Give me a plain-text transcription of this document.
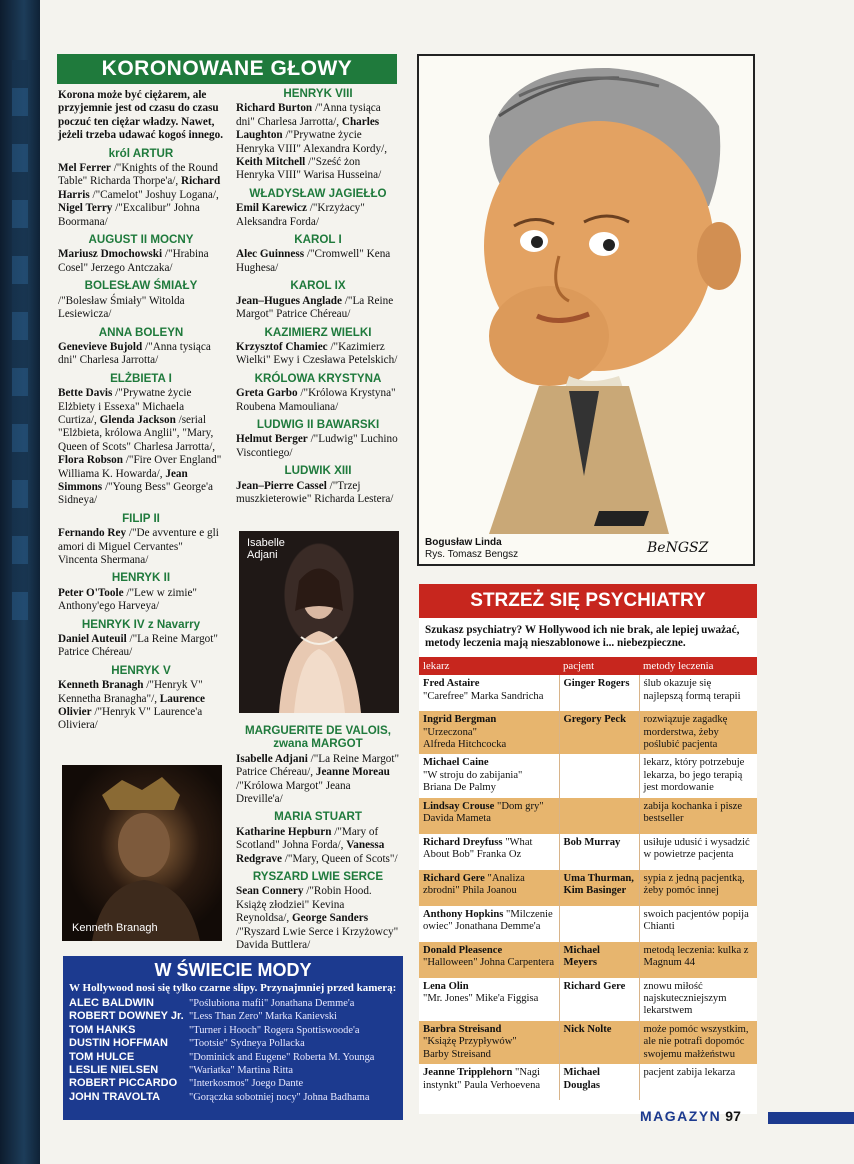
KORONOWANE GŁOWY

Korona może być ciężarem, ale przyjemnie jest od czasu do czasu poczuć ten ciężar władzy. Nawet, jeżeli trzeba udawać kogoś innego.

król ARTUR

Mel Ferrer /"Knights of the Round Table" Richarda Thorpe'a/, Richard Harris /"Camelot" Joshuy Logana/, Nigel Terry /"Excalibur" Johna Boormana/

AUGUST II MOCNY

Mariusz Dmochowski /"Hrabina Cosel" Jerzego Antczaka/

BOLESŁAW ŚMIAŁY

/"Bolesław Śmiały" Witolda Lesiewicza/

ANNA BOLEYN

Genevieve Bujold /"Anna tysiąca dni" Charlesa Jarrotta/

ELŻBIETA I

Bette Davis /"Prywatne życie Elżbiety i Essexa" Michaela Curtiza/, Glenda Jackson /serial "Elżbieta, królowa Anglii", "Mary, Queen of Scots" Charlesa Jarrotta/, Flora Robson /"Fire Over England" Williama K. Howarda/, Jean Simmons /"Young Bess" George'a Sidneya/

FILIP II

Fernando Rey /"De avventure e gli amori di Miguel Cervantes" Vincenta Shermana/

HENRYK II

Peter O'Toole /"Lew w zimie" Anthony'ego Harveya/

HENRYK IV z Navarry

Daniel Auteuil /"La Reine Margot" Patrice Chéreau/

HENRYK V

Kenneth Branagh /"Henryk V" Kennetha Branagha"/, Laurence Olivier /"Henryk V" Laurence'a Oliviera/

HENRYK VIII

Richard Burton /"Anna tysiąca dni" Charlesa Jarrotta/, Charles Laughton /"Prywatne życie Henryka VIII" Alexandra Kordy/, Keith Mitchell /"Sześć żon Henryka VIII" Warisa Husseina/

WŁADYSŁAW JAGIEŁŁO

Emil Karewicz /"Krzyżacy" Aleksandra Forda/

KAROL I

Alec Guinness /"Cromwell" Kena Hughesa/

KAROL IX

Jean–Hugues Anglade /"La Reine Margot" Patrice Chéreau/

KAZIMIERZ WIELKI

Krzysztof Chamiec /"Kazimierz Wielki" Ewy i Czesława Petelskich/

KRÓLOWA KRYSTYNA

Greta Garbo /"Królowa Krystyna" Roubena Mamouliana/

LUDWIG II BAWARSKI

Helmut Berger /"Ludwig" Luchino Viscontiego/

LUDWIK XIII

Jean–Pierre Cassel /"Trzej muszkieterowie" Richarda Lestera/

Isabelle Adjani
MARGUERITE DE VALOIS, zwana MARGOT

Isabelle Adjani /"La Reine Margot" Patrice Chéreau/, Jeanne Moreau /"Królowa Margot" Jeana Dreville'a/

MARIA STUART

Katharine Hepburn /"Mary of Scotland" Johna Forda/, Vanessa Redgrave /"Mary, Queen of Scots"/

RYSZARD LWIE SERCE

Sean Connery /"Robin Hood. Książę złodziei" Kevina Reynoldsa/, George Sanders /"Ryszard Lwie Serce i Krzyżowcy" Davida Buttlera/

Kenneth Branagh
Bogusław Linda
Rys. Tomasz Bengsz	BeNGSZ
STRZEŻ SIĘ PSYCHIATRY
Szukasz psychiatry? W Hollywood ich nie brak, ale lepiej uważać, metody leczenia mają nieszablonowe i... niebezpieczne.
lekarz	pacjent	metody leczenia
Fred Astaire
"Carefree" Marka Sandricha	Ginger Rogers	ślub okazuje się najlepszą formą terapii
Ingrid Bergman
"Urzeczona"
Alfreda Hitchcocka	Gregory Peck	rozwiązuje zagadkę morderstwa, żeby poślubić pacjenta
Michael Caine
"W stroju do zabijania"
Briana De Palmy		lekarz, który potrzebuje lekarza, bo jego terapią jest mordowanie
Lindsay Crouse "Dom gry" Davida Mameta		zabija kochanka i pisze bestseller
Richard Dreyfuss "What About Bob" Franka Oz	Bob Murray	usiłuje udusić i wysadzić w powietrze pacjenta
Richard Gere "Analiza zbrodni" Phila Joanou	Uma Thurman, Kim Basinger	sypia z jedną pacjentką, żeby pomóc innej
Anthony Hopkins "Milczenie owiec" Jonathana Demme'a		swoich pacjentów popija Chianti
Donald Pleasence
"Halloween" Johna Carpentera	Michael Meyers	metodą leczenia: kulka z Magnum 44
Lena Olin
"Mr. Jones" Mike'a Figgisa	Richard Gere	znowu miłość najskuteczniejszym lekarstwem
Barbra Streisand
"Książę Przypływów"
Barby Streisand	Nick Nolte	może pomóc wszystkim, ale nie potrafi dopomóc swojemu małżeństwu
Jeanne Tripplehorn "Nagi instynkt" Paula Verhoevena	Michael Douglas	pacjent zabija lekarza
W ŚWIECIE MODY
W Hollywood nosi się tylko czarne slipy. Przynajmniej przed kamerą:
ALEC BALDWIN	"Poślubiona mafii" Jonathana Demme'a
ROBERT DOWNEY Jr. "Less Than Zero" Marka Kanievski
TOM HANKS	"Turner i Hooch" Rogera Spottiswoode'a
DUSTIN HOFFMAN	"Tootsie" Sydneya Pollacka
TOM HULCE	"Dominick and Eugene" Roberta M. Younga
LESLIE NIELSEN	"Wariatka" Martina Ritta
ROBERT PICCARDO	"Interkosmos" Joego Dante
JOHN TRAVOLTA	"Gorączka sobotniej nocy" Johna Badhama
MAGAZYN 97
